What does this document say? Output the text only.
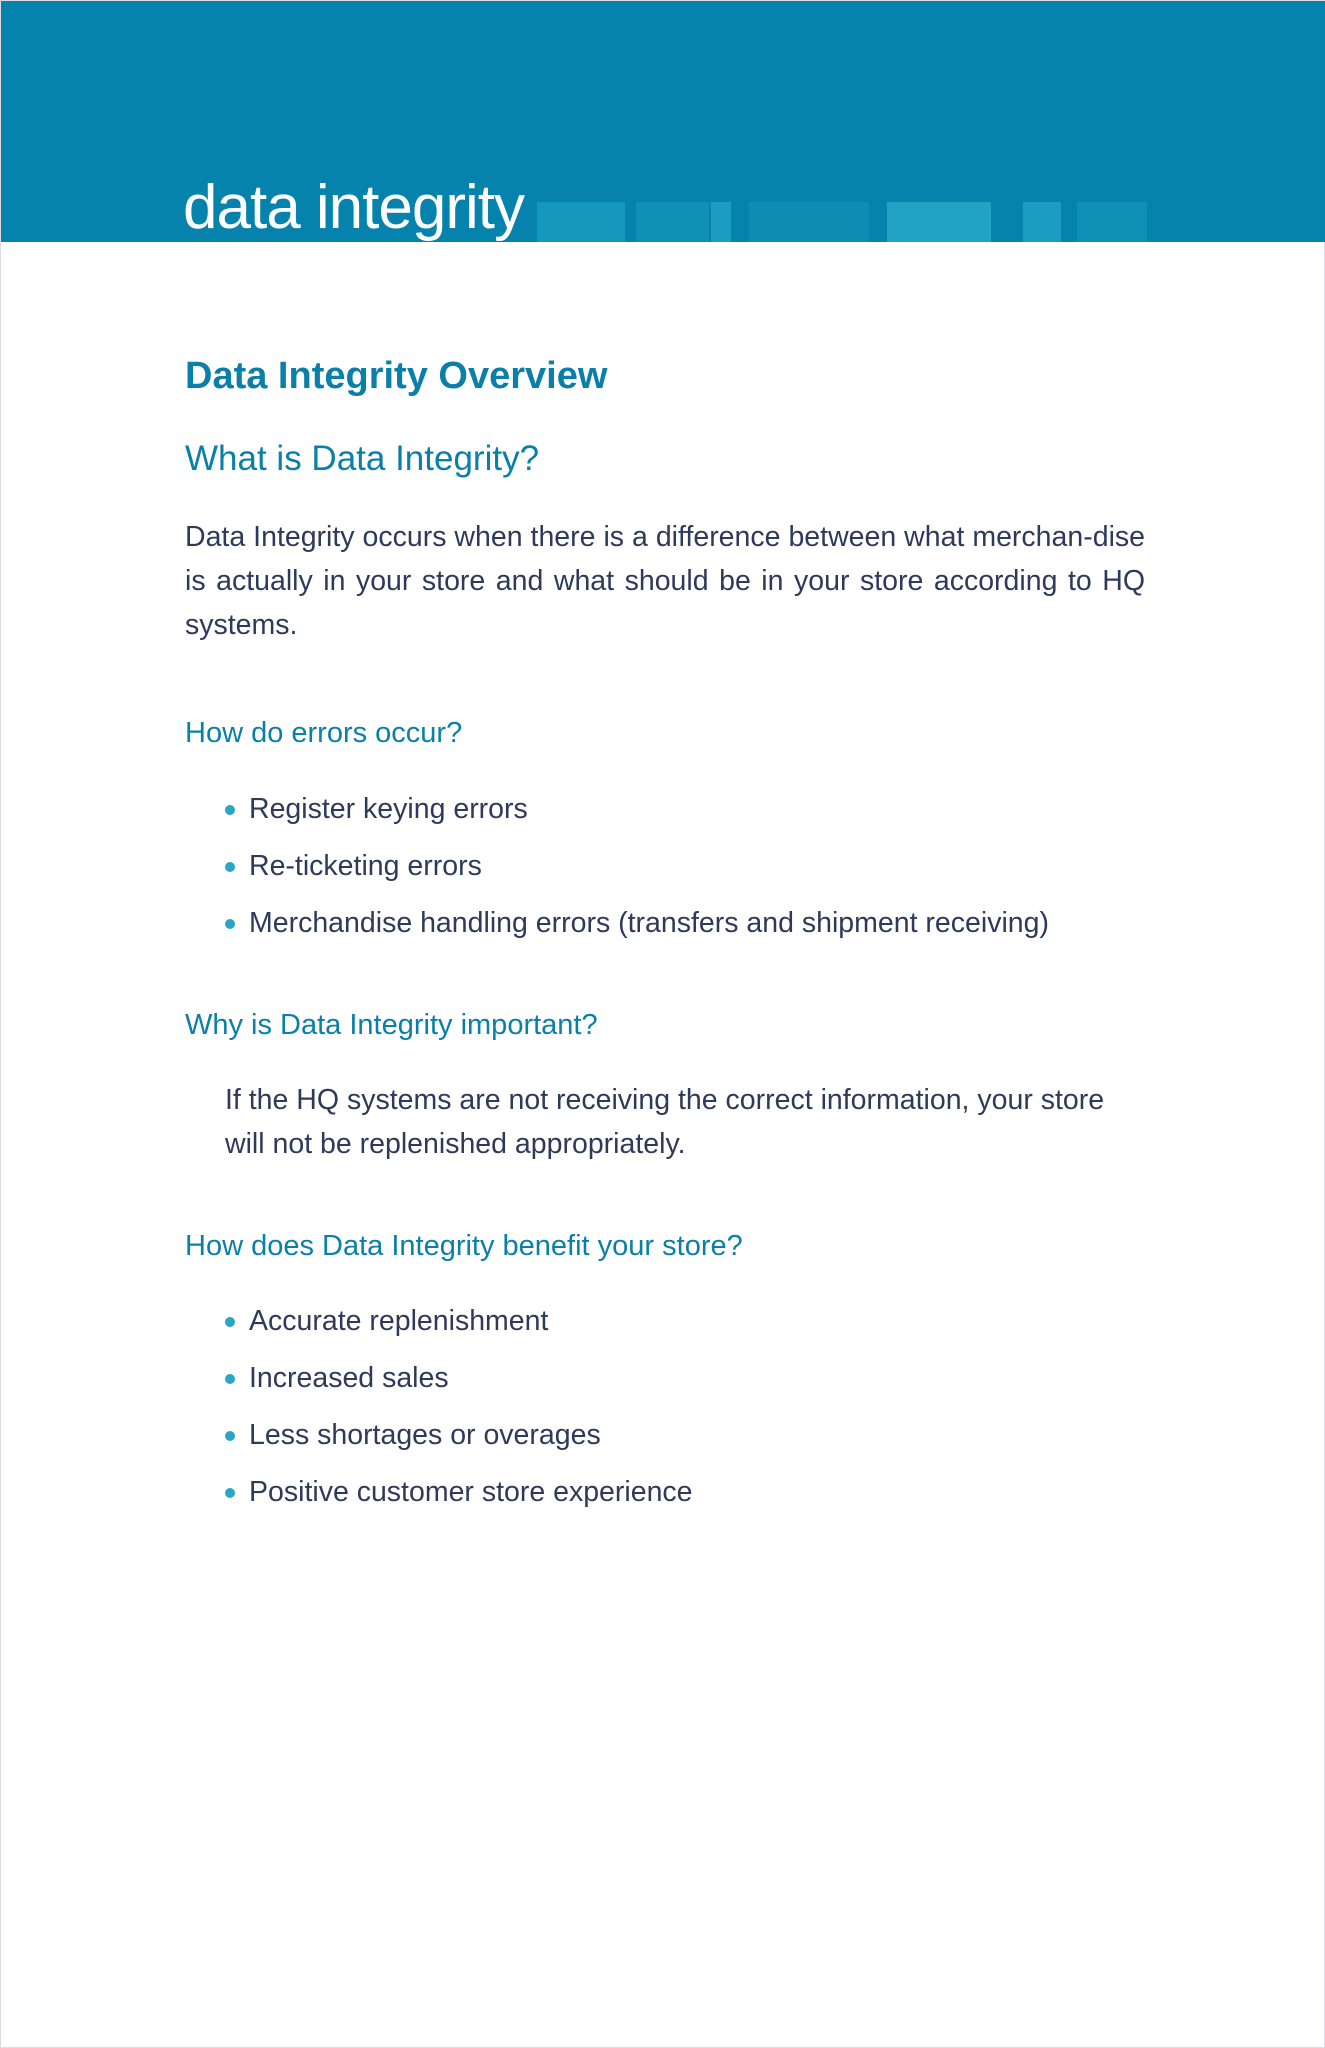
data integrity
Data Integrity Overview
What is Data Integrity?
Data Integrity occurs when there is a difference between what merchan-dise is actually in your store and what should be in your store according to HQ systems.
How do errors occur?
Register keying errors
Re-ticketing errors
Merchandise handling errors (transfers and shipment receiving)
Why is Data Integrity important?
If the HQ systems are not receiving the correct information, your store will not be replenished appropriately.
How does Data Integrity benefit your store?
Accurate replenishment
Increased sales
Less shortages or overages
Positive customer store experience
